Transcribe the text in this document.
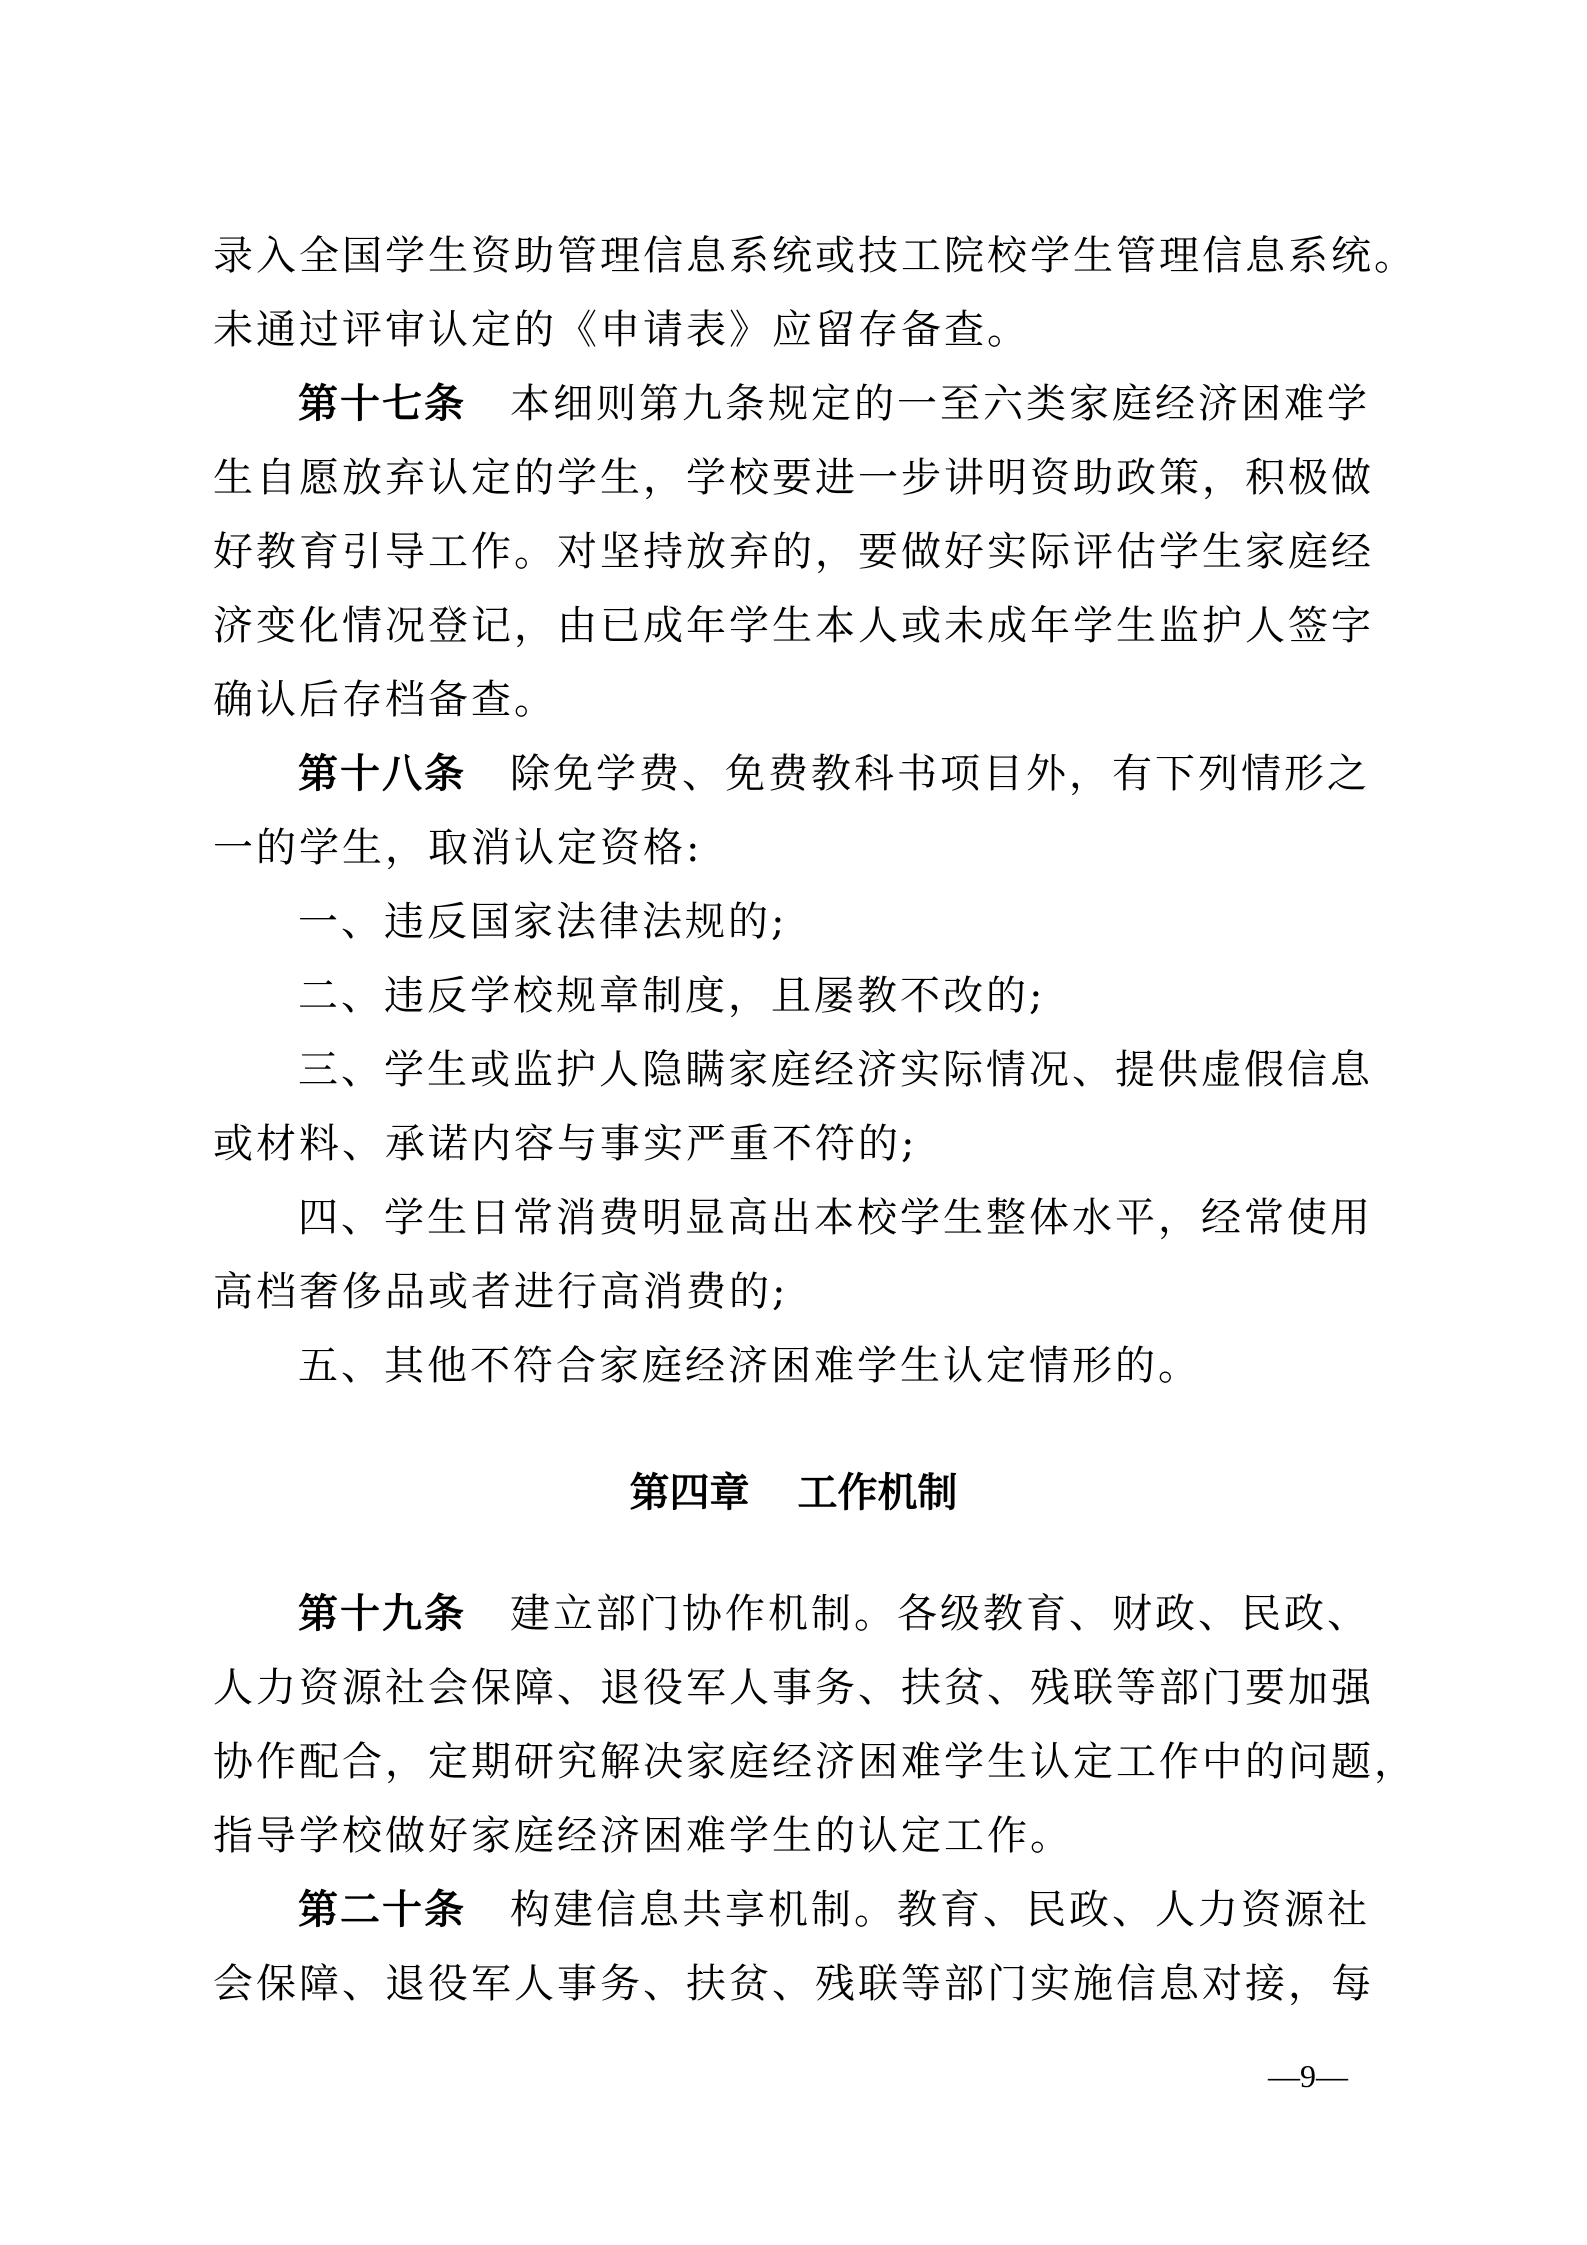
录入全国学生资助管理信息系统或技工院校学生管理信息系统。
未通过评审认定的《申请表》应留存备查。
第十七条 本细则第九条规定的一至六类家庭经济困难学
生自愿放弃认定的学生，学校要进一步讲明资助政策，积极做
好教育引导工作。对坚持放弃的，要做好实际评估学生家庭经
济变化情况登记，由已成年学生本人或未成年学生监护人签字
确认后存档备查。
第十八条 除免学费、免费教科书项目外，有下列情形之
一的学生，取消认定资格:
一、违反国家法律法规的;
二、违反学校规章制度，且屡教不改的;
三、学生或监护人隐瞒家庭经济实际情况、提供虚假信息
或材料、承诺内容与事实严重不符的;
四、学生日常消费明显高出本校学生整体水平，经常使用
高档奢侈品或者进行高消费的;
五、其他不符合家庭经济困难学生认定情形的。
第四章 工作机制
第十九条 建立部门协作机制。各级教育、财政、民政、
人力资源社会保障、退役军人事务、扶贫、残联等部门要加强
协作配合，定期研究解决家庭经济困难学生认定工作中的问题，
指导学校做好家庭经济困难学生的认定工作。
第二十条 构建信息共享机制。教育、民政、人力资源社
会保障、退役军人事务、扶贫、残联等部门实施信息对接，每
—9—
